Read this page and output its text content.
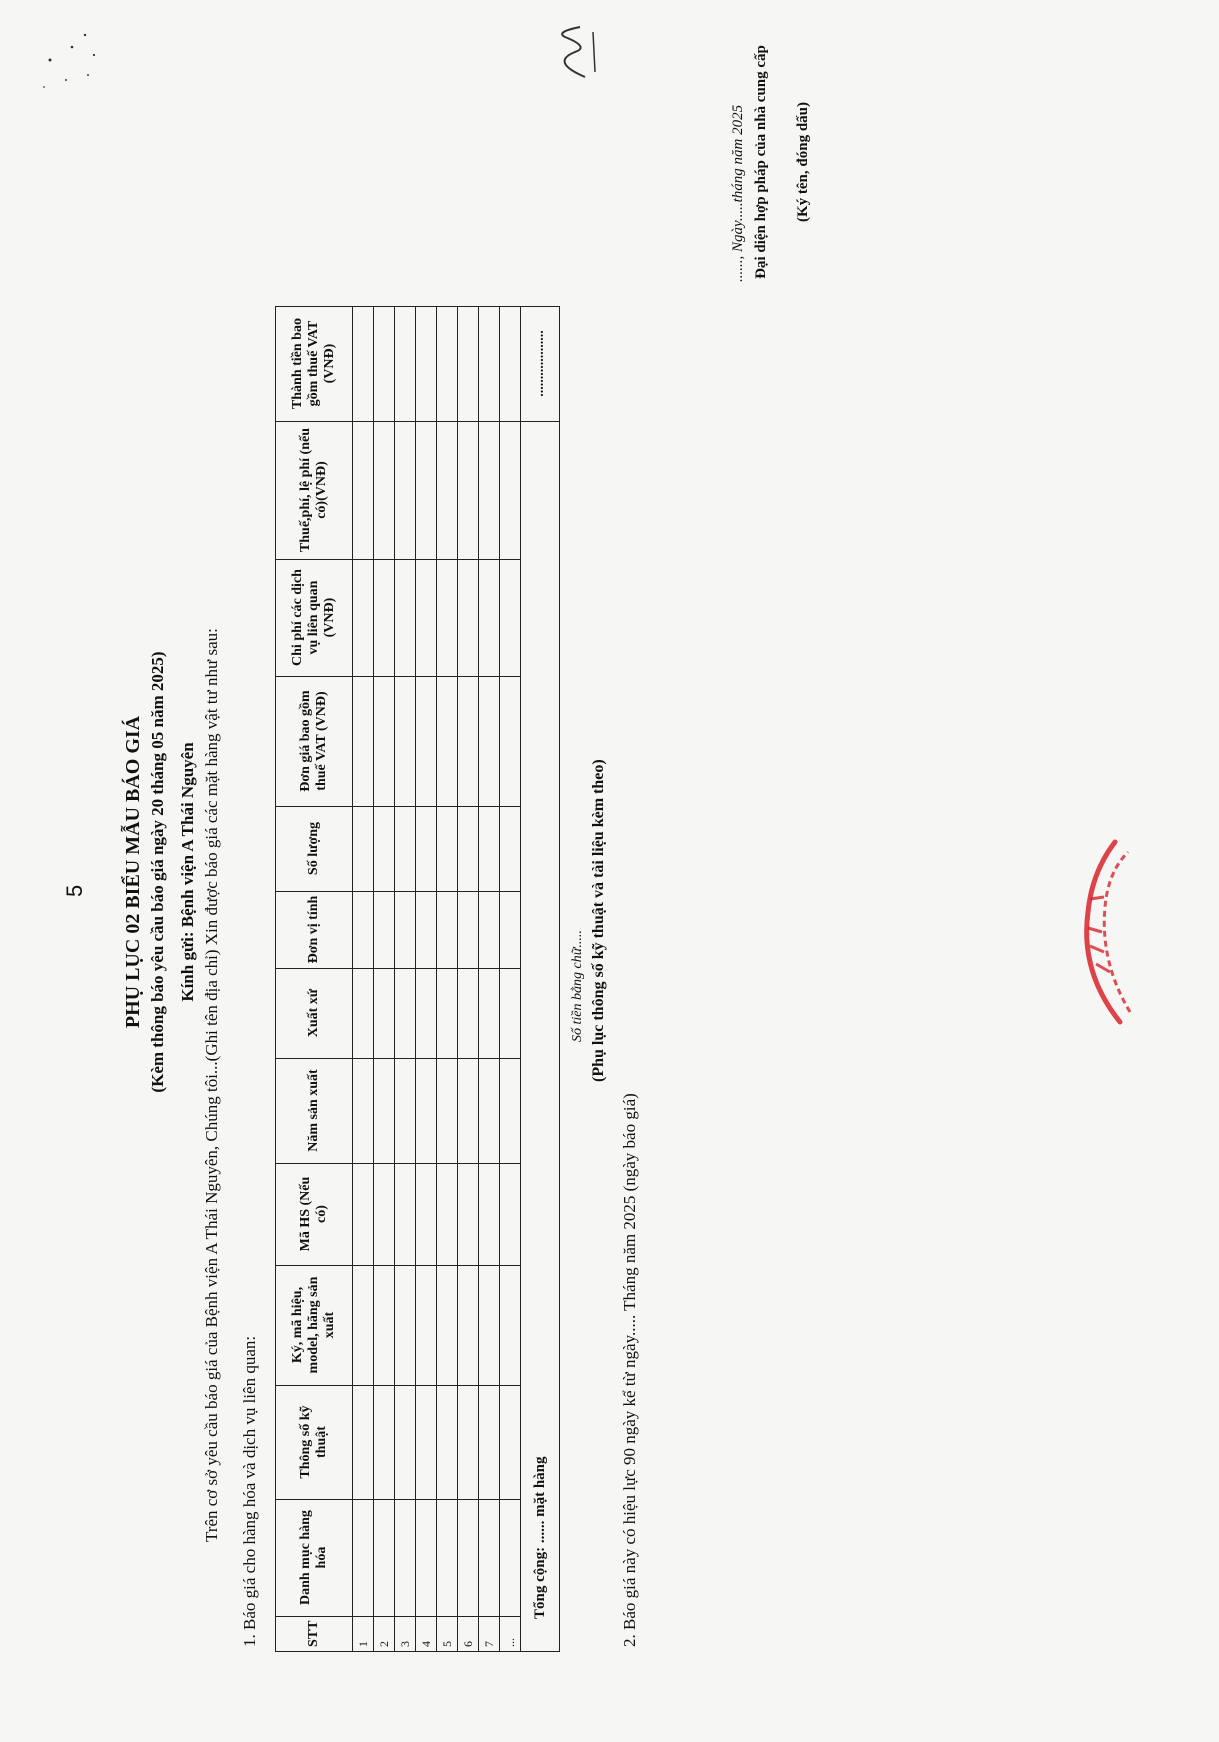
5 PHỤ LỤC 02 BIỂU MẪU BÁO GIÁ (Kèm thông báo yêu cầu báo giá ngày 20 tháng 05 năm 2025) Kính gửi: Bệnh viện A Thái Nguyên Trên cơ sở yêu cầu báo giá của Bệnh viện A Thái Nguyên, Chúng tôi...(Ghi tên địa chỉ) Xin được báo giá các mặt hàng vật tư như sau: 1. Báo giá cho hàng hóa và dịch vụ liên quan:	STT	Danh mục hàng hóa	Thông số kỹ thuật	Ký, mã hiệu, model, hãng sản xuất	Mã HS (Nếu có)	Năm sản xuất	Xuất xứ	Đơn vị tính	Số lượng	Đơn giá bao gồm thuế VAT (VNĐ)	Chi phí các dịch vụ liên quan (VNĐ)	Thuế,phí, lệ phí (nếu có)(VNĐ)	Thành tiền bao gồm thuế VAT (VNĐ)
1												
2												
3												
4												
5												
6												
7												
...												
Tổng cộng: ...... mặt hàng												...................
Số tiền bằng chữ..... (Phụ lục thông số kỹ thuật và tài liệu kèm theo)
2. Báo giá này có hiệu lực 90 ngày kể từ ngày..... Tháng năm 2025 (ngày báo giá)
......, Ngày.....tháng năm 2025 Đại diện hợp pháp của nhà cung cấp (Ký tên, đóng dấu)
